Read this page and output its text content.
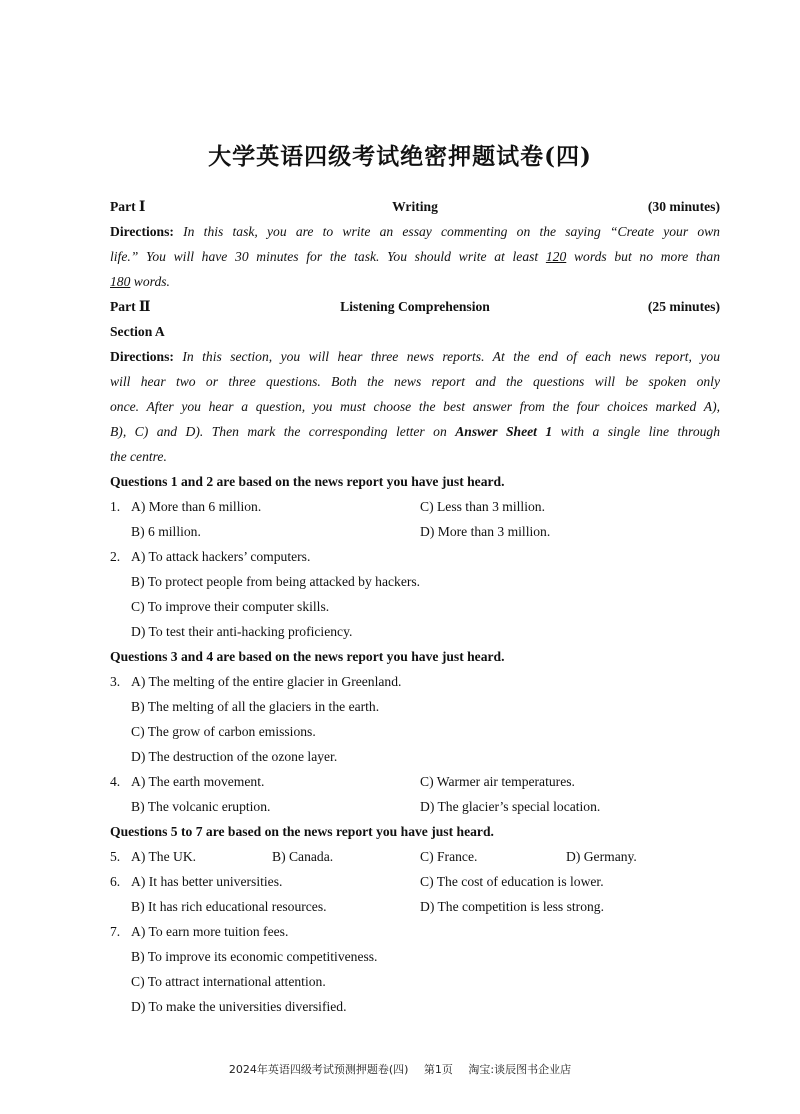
大学英语四级考试绝密押题试卷(四)
Part Ⅰ	Writing	(30 minutes)
Directions: In this task, you are to write an essay commenting on the saying “Create your own
life.” You will have 30 minutes for the task. You should write at least 120 words but no more than
180 words.
Part Ⅱ	Listening Comprehension	(25 minutes)
Section A
Directions: In this section, you will hear three news reports. At the end of each news report, you
will hear two or three questions. Both the news report and the questions will be spoken only
once. After you hear a question, you must choose the best answer from the four choices marked A),
B), C) and D). Then mark the corresponding letter on Answer Sheet 1 with a single line through
the centre.
Questions 1 and 2 are based on the news report you have just heard.
1. A) More than 6 million.	C) Less than 3 million.
B) 6 million.	D) More than 3 million.
2. A) To attack hackers’ computers.
B) To protect people from being attacked by hackers.
C) To improve their computer skills.
D) To test their anti-hacking proficiency.
Questions 3 and 4 are based on the news report you have just heard.
3. A) The melting of the entire glacier in Greenland.
B) The melting of all the glaciers in the earth.
C) The grow of carbon emissions.
D) The destruction of the ozone layer.
4. A) The earth movement.	C) Warmer air temperatures.
B) The volcanic eruption.	D) The glacier’s special location.
Questions 5 to 7 are based on the news report you have just heard.
5. A) The UK.	B) Canada.	C) France.	D) Germany.
6. A) It has better universities.	C) The cost of education is lower.
B) It has rich educational resources.	D) The competition is less strong.
7. A) To earn more tuition fees.
B) To improve its economic competitiveness.
C) To attract international attention.
D) To make the universities diversified.
2024年英语四级考试预测押题卷(四) 第1页 淘宝:谈辰图书企业店
